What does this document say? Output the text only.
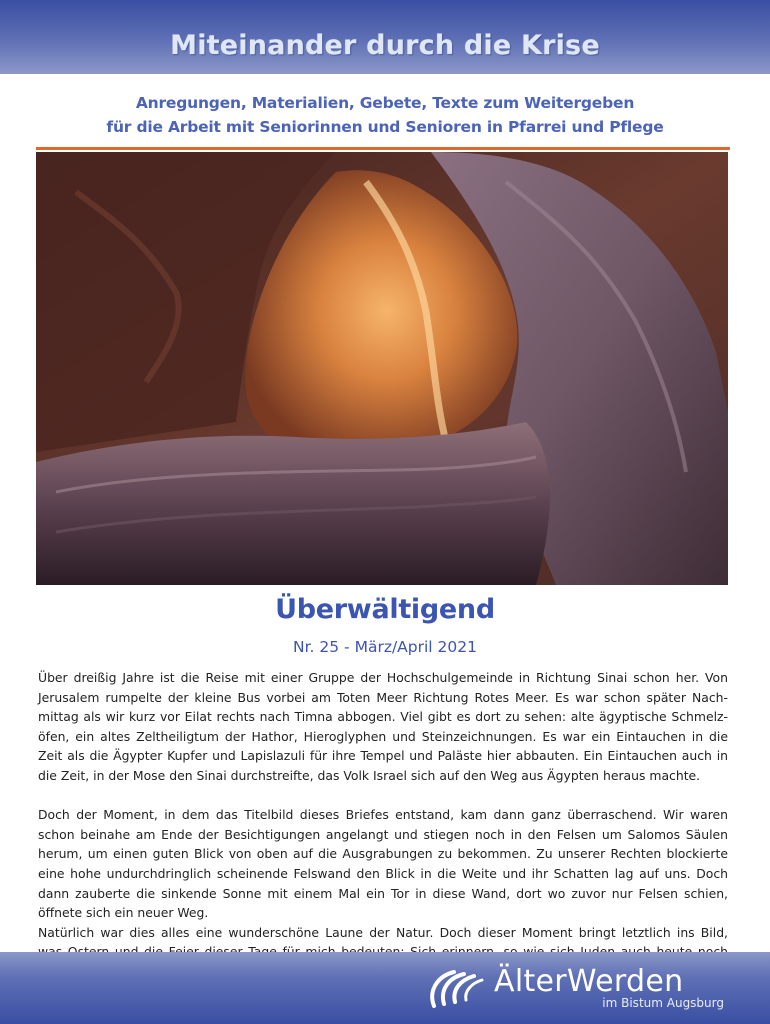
Miteinander durch die Krise
Anregungen, Materialien, Gebete, Texte zum Weitergeben
für die Arbeit mit Seniorinnen und Senioren in Pfarrei und Pflege
Überwältigend
Nr. 25 - März/April 2021
Über dreißig Jahre ist die Reise mit einer Gruppe der Hochschulgemeinde in Richtung Sinai schon her. Von
Jerusalem rumpelte der kleine Bus vorbei am Toten Meer Richtung Rotes Meer. Es war schon später Nach-
mittag als wir kurz vor Eilat rechts nach Timna abbogen. Viel gibt es dort zu sehen: alte ägyptische Schmelz-
öfen, ein altes Zeltheiligtum der Hathor, Hieroglyphen und Steinzeichnungen. Es war ein Eintauchen in die
Zeit als die Ägypter Kupfer und Lapislazuli für ihre Tempel und Paläste hier abbauten. Ein Eintauchen auch in
die Zeit, in der Mose den Sinai durchstreifte, das Volk Israel sich auf den Weg aus Ägypten heraus machte.
Doch der Moment, in dem das Titelbild dieses Briefes entstand, kam dann ganz überraschend. Wir waren
schon beinahe am Ende der Besichtigungen angelangt und stiegen noch in den Felsen um Salomos Säulen
herum, um einen guten Blick von oben auf die Ausgrabungen zu bekommen. Zu unserer Rechten blockierte
eine hohe undurchdringlich scheinende Felswand den Blick in die Weite und ihr Schatten lag auf uns. Doch
dann zauberte die sinkende Sonne mit einem Mal ein Tor in diese Wand, dort wo zuvor nur Felsen schien,
öffnete sich ein neuer Weg.
Natürlich war dies alles eine wunderschöne Laune der Natur. Doch dieser Moment bringt letztlich ins Bild,
ÄlterWerden
im Bistum Augsburg
